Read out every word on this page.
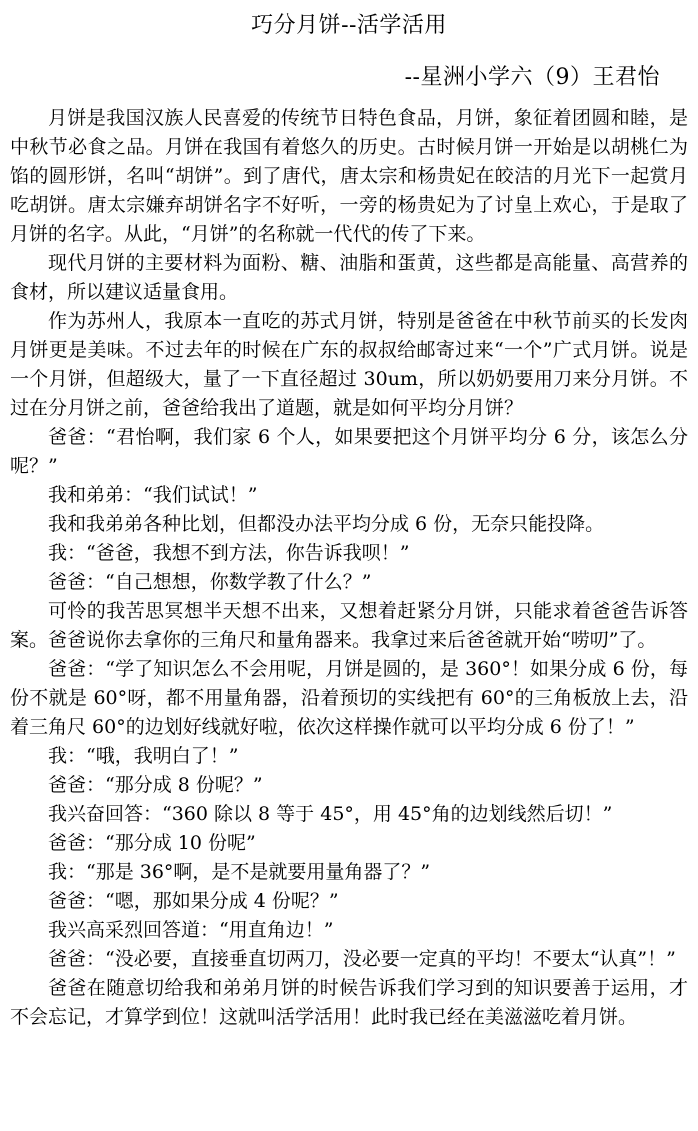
巧分月饼--活学活用
--星洲小学六（9）王君怡

月饼是我国汉族人民喜爱的传统节日特色食品，月饼，象征着团圆和睦，是中秋节必食之品。月饼在我国有着悠久的历史。古时候月饼一开始是以胡桃仁为馅的圆形饼，名叫“胡饼”。到了唐代，唐太宗和杨贵妃在皎洁的月光下一起赏月吃胡饼。唐太宗嫌弃胡饼名字不好听，一旁的杨贵妃为了讨皇上欢心，于是取了月饼的名字。从此，“月饼”的名称就一代代的传了下来。

现代月饼的主要材料为面粉、糖、油脂和蛋黄，这些都是高能量、高营养的食材，所以建议适量食用。

作为苏州人，我原本一直吃的苏式月饼，特别是爸爸在中秋节前买的长发肉月饼更是美味。不过去年的时候在广东的叔叔给邮寄过来“一个”广式月饼。说是一个月饼，但超级大，量了一下直径超过 30um，所以奶奶要用刀来分月饼。不过在分月饼之前，爸爸给我出了道题，就是如何平均分月饼？

爸爸：“君怡啊，我们家 6 个人，如果要把这个月饼平均分 6 分，该怎么分呢？”

我和弟弟：“我们试试！”

我和我弟弟各种比划，但都没办法平均分成 6 份，无奈只能投降。

我：“爸爸，我想不到方法，你告诉我呗！”

爸爸：“自己想想，你数学教了什么？”

可怜的我苦思冥想半天想不出来，又想着赶紧分月饼，只能求着爸爸告诉答案。爸爸说你去拿你的三角尺和量角器来。我拿过来后爸爸就开始“唠叨”了。

爸爸：“学了知识怎么不会用呢，月饼是圆的，是 360°！如果分成 6 份，每份不就是 60°呀，都不用量角器，沿着预切的实线把有 60°的三角板放上去，沿着三角尺 60°的边划好线就好啦，依次这样操作就可以平均分成 6 份了！”

我：“哦，我明白了！”

爸爸：“那分成 8 份呢？”

我兴奋回答：“360 除以 8 等于 45°，用 45°角的边划线然后切！”

爸爸：“那分成 10 份呢”

我：“那是 36°啊，是不是就要用量角器了？”

爸爸：“嗯，那如果分成 4 份呢？”

我兴高采烈回答道：“用直角边！”

爸爸：“没必要，直接垂直切两刀，没必要一定真的平均！不要太“认真”！”

爸爸在随意切给我和弟弟月饼的时候告诉我们学习到的知识要善于运用，才不会忘记，才算学到位！这就叫活学活用！此时我已经在美滋滋吃着月饼。
